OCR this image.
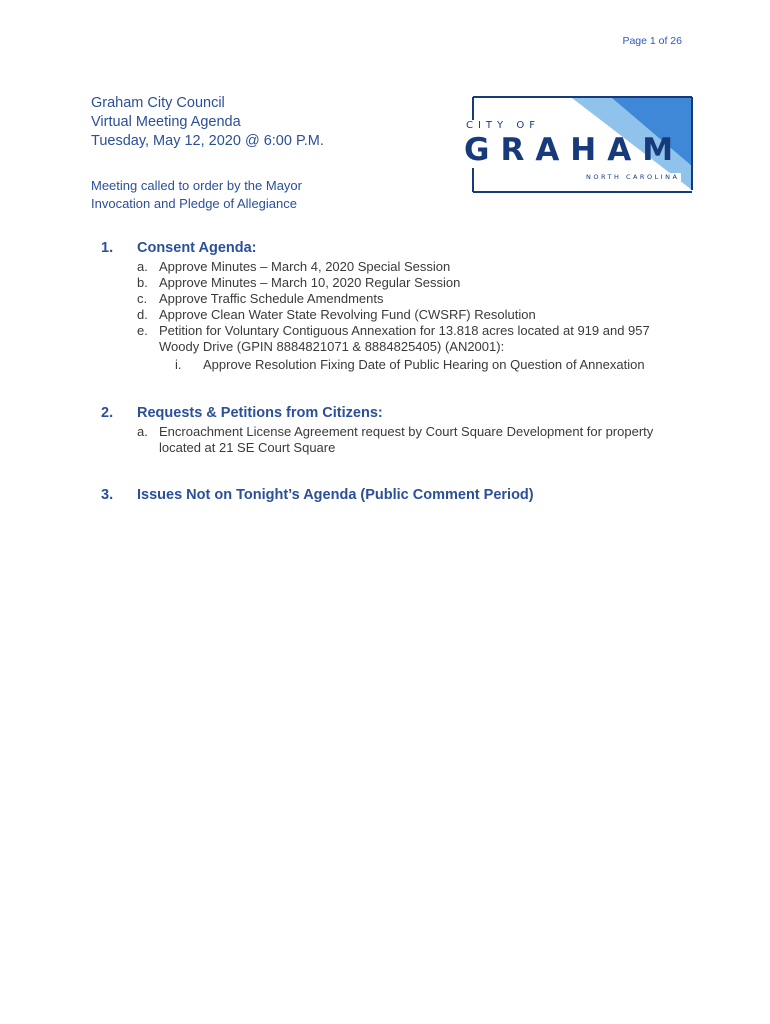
Page 1 of 26
Graham City Council
Virtual Meeting Agenda
Tuesday, May 12, 2020 @ 6:00 P.M.
CITY OF
GRAHAM
NORTH CAROLINA
Meeting called to order by the Mayor
Invocation and Pledge of Allegiance
1.	Consent Agenda:
a. Approve Minutes – March 4, 2020 Special Session
b. Approve Minutes – March 10, 2020 Regular Session
c. Approve Traffic Schedule Amendments
d. Approve Clean Water State Revolving Fund (CWSRF) Resolution
e. Petition for Voluntary Contiguous Annexation for 13.818 acres located at 919 and 957 Woody Drive (GPIN 8884821071 & 8884825405) (AN2001):
i.	Approve Resolution Fixing Date of Public Hearing on Question of Annexation
2.	Requests & Petitions from Citizens:
a. Encroachment License Agreement request by Court Square Development for property located at 21 SE Court Square
3.	Issues Not on Tonight’s Agenda (Public Comment Period)
